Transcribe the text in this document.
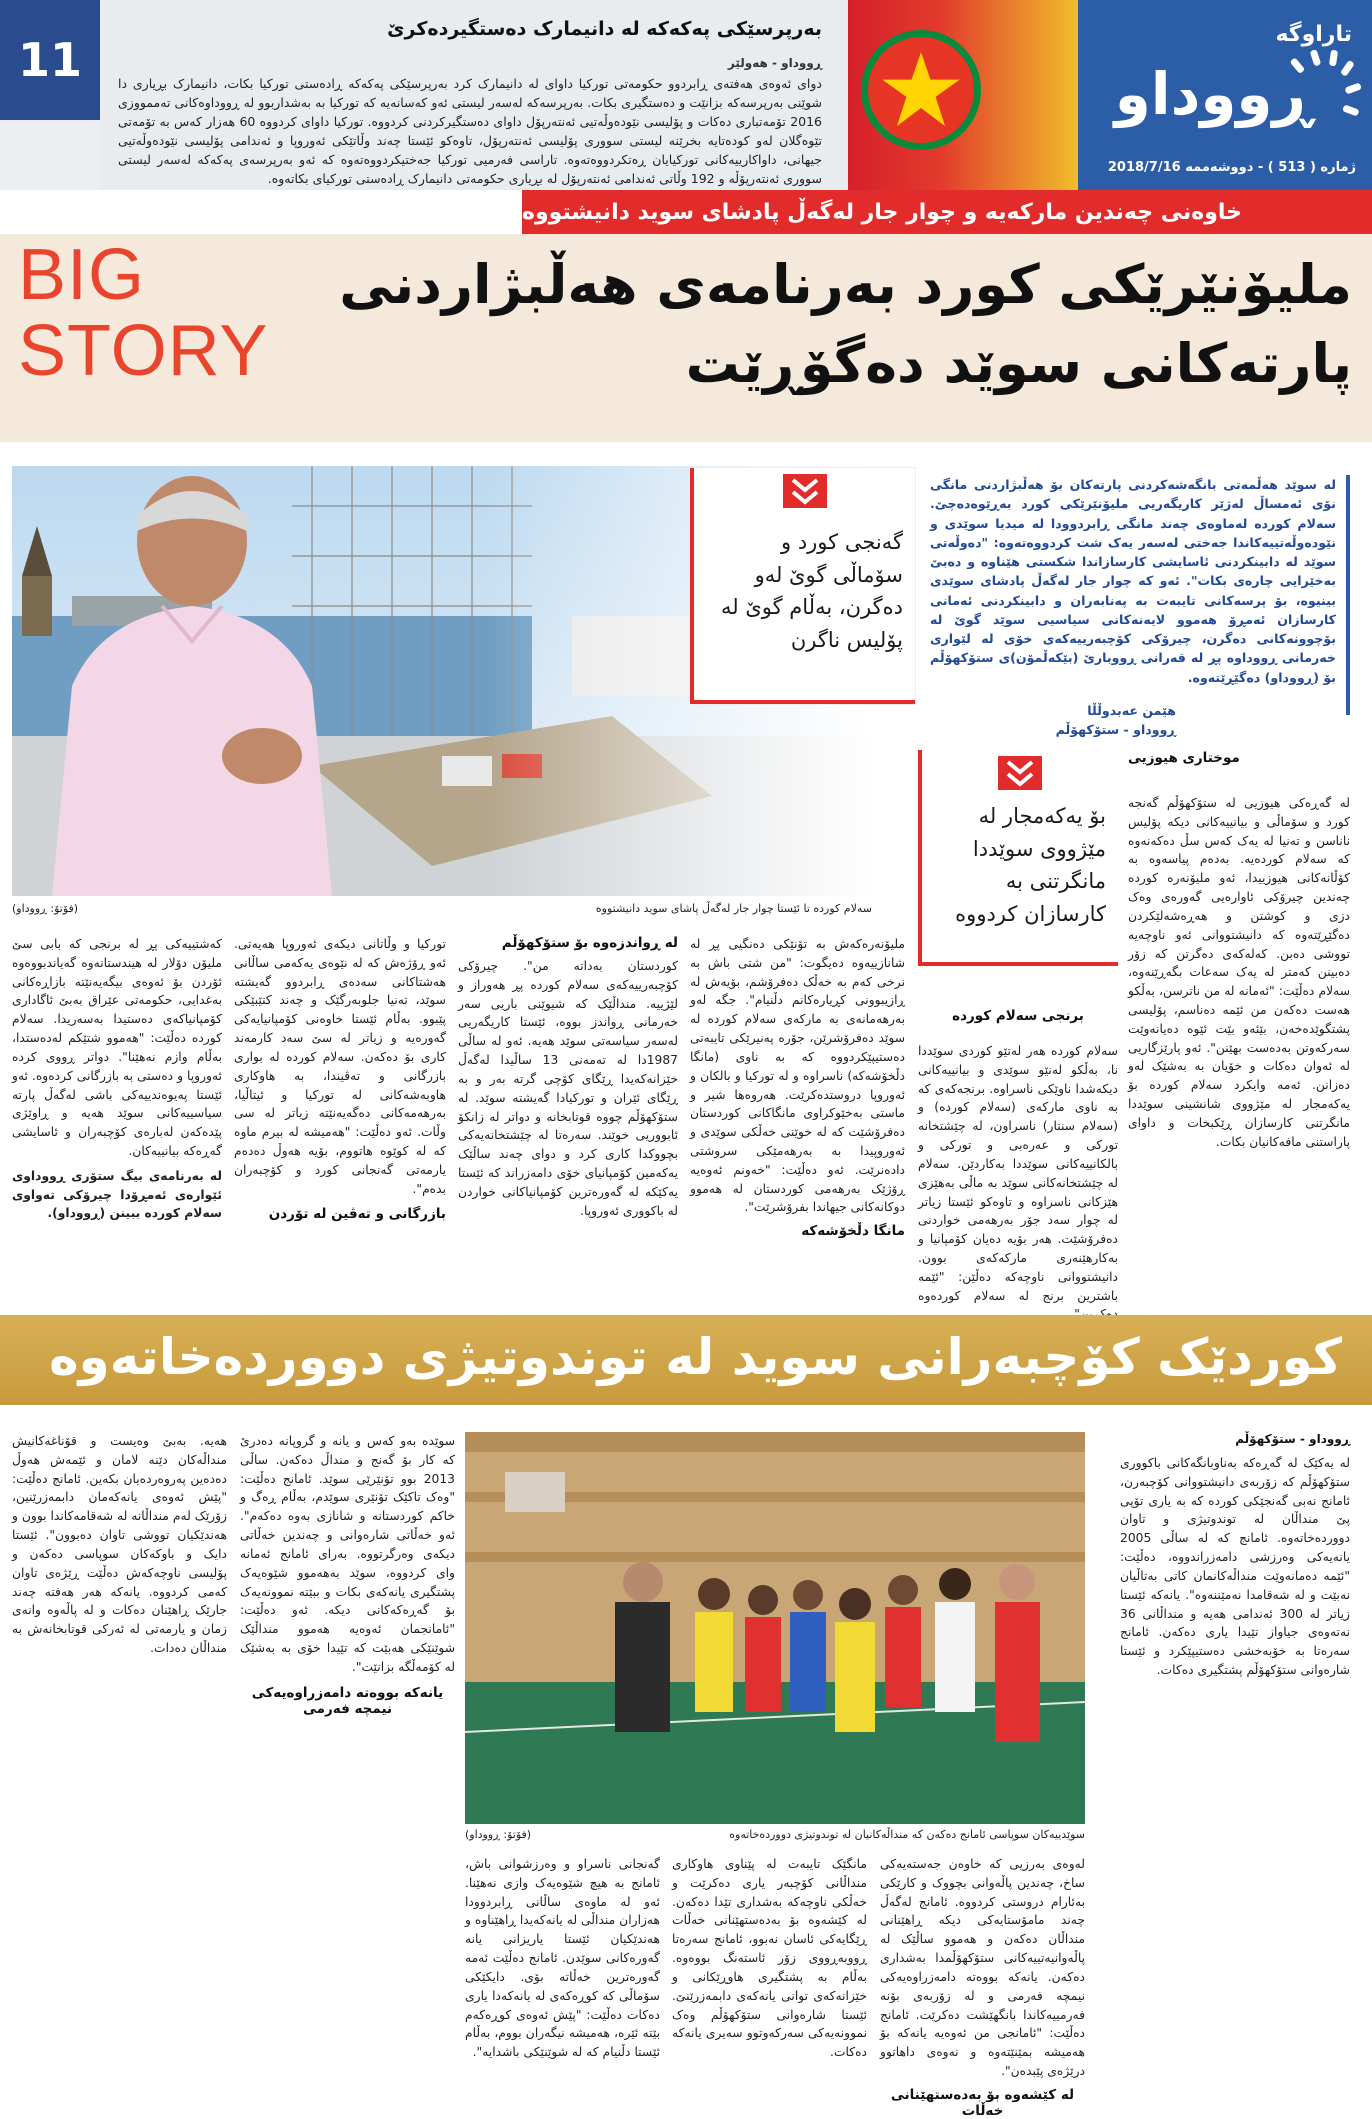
11
بەرپرسێکی پەکەکە لە دانیمارک دەستگیردەکرێ
ڕووداو - هەولێر
دوای ئەوەی هەفتەی ڕابردوو حکومەتی تورکیا داوای لە دانیمارک کرد بەرپرسێکی پەکەکە ڕادەستی تورکیا بکات، دانیمارک بڕیاری دا شوێنی بەرپرسەکە بزانێت و دەستگیری بکات. بەرپرسەکە لەسەر لیستی ئەو کەسانەیە کە تورکیا بە بەشداربوو لە ڕووداوەکانی تەممووزی 2016 تۆمەتباری دەکات و پۆلیسی نێودەوڵەتیی ئەنتەرپۆل داوای دەستگیرکردنی کردووە. تورکیا داوای کردووە 60 هەزار کەس بە تۆمەتی تێوەگلان لەو کودەتایە بخرێنە لیستی سووری پۆلیسی ئەنتەرپۆل، تاوەکو ئێستا چەند وڵاتێکی ئەوروپا و ئەندامی پۆلیسی نێودەوڵەتیی جیهانی، داواکارییەکانی تورکیایان ڕەتکردووەتەوە. تاراسی فەرمیی تورکیا جەختیکردووەتەوە کە ئەو بەرپرسەی پەکەکە لەسەر لیستی سووری ئەنتەرپۆڵە و 192 وڵاتی ئەندامی ئەنتەرپۆل لە بڕیاری حکومەتی دانیمارک ڕادەستی تورکیای بکاتەوە.
تاراوگە
ڕووداو
ژمارە ( 513 ) - دووشەممە 2018/7/16
خاوەنی چەندین مارکەیە و چوار جار لەگەڵ پادشای سوید دانیشتووە
BIG
STORY
ملیۆنێرێکی کورد بەرنامەی هەڵبژاردنی
پارتەکانی سوێد دەگۆڕێت
سەلام کوردە تا ئێستا چوار جار لەگەڵ پاشای سوید دانیشتووە
(فۆتۆ: ڕووداو)
گەنجی کورد و سۆماڵی گوێ لەو دەگرن، بەڵام گوێ لە پۆلیس ناگرن
بۆ یەکەمجار لە مێژووی سوێددا مانگرتنی بە کارسازان کردووە
لە سوێد هەڵمەتی بانگەشەکردنی پارتەکان بۆ هەڵبژاردنی مانگی نۆی ئەمساڵ لەژێر کاریگەریی ملیۆنێرێکی کورد بەڕێوەدەچێ. سەلام کوردە لەماوەی چەند مانگی ڕابردوودا لە میدیا سوێدی و نێودەوڵەتییەکاندا جەختی لەسەر یەک شت کردووەتەوە: "دەوڵەتی سوێد لە دابینکردنی ئاسایشی کارسازاندا شکستی هێناوە و دەبێ بەخێرایی چارەی بکات". ئەو کە چوار جار لەگەڵ پادشای سوێدی بینیوە، بۆ پرسەکانی تایبەت بە پەنابەران و دابینکردنی ئەمانی کارسازان ئەمڕۆ هەموو لایەنەکانی سیاسیی سوێد گوێ لە بۆچوونەکانی دەگرن، چیرۆکی کۆچبەرییەکەی خۆی لە لێواری خەرمانی ڕووداوە پڕ لە قەرانی ڕووبارێ (بێکەڵمۆن)ی ستۆکهۆڵم بۆ (ڕووداو) دەگێڕێتەوە.
هێمن عەبدوڵڵا
ڕووداو - ستۆکهۆڵم
موختاری هیوزیی
لە گەڕەکی هیوزیی لە ستۆکهۆڵم گەنجە کورد و سۆماڵی و بیانییەکانی دیکە پۆلیس ناناسن و تەنیا لە یەک کەس سڵ دەکەنەوە کە سەلام کوردەیە. بەدەم پیاسەوە بە کۆڵانەکانی هیوزییدا، ئەو ملیۆنەرە کوردە چەندین چیرۆکی ئاوارەیی گەورەی وەک دزی و کوشتن و هەڕەشەلێکردن دەگێڕێتەوە کە دانیشتووانی ئەو ناوچەیە تووشی دەبن. کەلەکەی دەگرتن کە زۆر دەبینن کەمتر لە یەک سەعات بگەڕێنەوە، سەلام دەڵێت: "ئەمانە لە من ناترسن، بەڵکو هەست دەکەن من ئێمە دەناسم، پۆلیسی پشتگوێدەخەن، بێئەو بێت ئێوە دەیانەوێت سەرکەوتن بەدەست بهێنن". ئەو پارێزگاریی لە ئەوان دەکات و خۆیان بە بەشێک لەو دەزانن. ئەمە وایکرد سەلام کوردە بۆ یەکەمجار لە مێژووی شانشینی سوێددا مانگرتنی کارسازان ڕێکبخات و داوای پاراستنی مافەکانیان بکات.
برنجی سەلام کوردە
سەلام کوردە هەر لەتێو کوردی سوێددا نا، بەڵکو لەنێو سوێدی و بیانییەکانی دیکەشدا ناوێکی ناسراوە. برنجەکەی کە بە ناوی مارکەی (سەلام کوردە) و (سەلام سنتار) ناسراون، لە چێشتخانە تورکی و عەرەبی و تورکی و بالکانییەکانی سوێددا بەکاردێن. سەلام لە چێشتخانەکانی سوێد بە ماڵی بەهێزی هێزکانی ناسراوە و تاوەکو ئێستا زیاتر لە چوار سەد جۆر بەرهەمی خواردنی دەفرۆشێت. هەر بۆیە دەیان کۆمپانیا و بەکارهێنەری مارکەکەی بوون. دانیشتووانی ناوچەکە دەڵێن: "ئێمە باشترین برنج لە سەلام کوردەوە
ملیۆنەرەکەش بە تۆنێکی دەنگیی پڕ لە شانازییەوە دەیگوت: "من شتی باش بە نرخی کەم بە خەڵک دەفرۆشم، بۆیەش لە ڕازیبوونی کڕیارەکانم دڵنیام". جگە لەو بەرهەمانەی بە مارکەی سەلام کوردە لە سوێد دەفرۆشرێن، جۆرە پەنیرێکی تایبەتی دەستیپێکردووە کە بە ناوی (مانگا دڵخۆشەکە) ناسراوە و لە تورکیا و بالکان و ئەوروپا دروستدەکرێت. هەروەها شیر و ماستی بەخێوکراوی مانگاکانی کوردستان دەفرۆشێت کە لە خوێنی خەڵکی سوێدی و ئەوروپیدا بە بەرهەمێکی سروشتی دادەنرێت. ئەو دەڵێت: "خەونم ئەوەیە ڕۆژێک بەرهەمی کوردستان لە هەموو دوکانەکانی جیهاندا بفرۆشرێت".
مانگا دڵخۆشەکە
لە ڕواندزەوە بۆ ستۆکهۆڵم
کوردستان بەداتە من". چیرۆکی کۆچبەرییەکەی سەلام کوردە پڕ هەوراز و لێژییە. منداڵێک کە شیوێنی باریی سەر خەرمانی ڕواندز بووە، ئێستا کاریگەریی لەسەر سیاسەتی سوێد هەیە. ئەو لە ساڵی 1987دا لە تەمەنی 13 ساڵیدا لەگەڵ خێزانەکەیدا ڕێگای کۆچی گرتە بەر و بە ڕێگای ئێران و تورکیادا گەیشتە سوێد. لە ستۆکهۆڵم چووە قوتابخانە و دواتر لە زانکۆ ئابووریی خوێند. سەرەتا لە چێشتخانەیەکی بچووکدا کاری کرد و دوای چەند ساڵێک یەکەمین کۆمپانیای خۆی دامەزراند کە ئێستا یەکێکە لە گەورەترین کۆمپانیاکانی خواردن لە باکووری ئەوروپا.
تورکیا و وڵاتانی دیکەی ئەوروپا هەیەتی. ئەو ڕۆژەش کە لە نێوەی یەکەمی ساڵانی هەشتاکانی سەدەی ڕابردوو گەیشتە سوێد، تەنیا جلوبەرگێک و چەند کتێبێکی پێبوو. بەڵام ئێستا خاوەنی کۆمپانیایەکی گەورەیە و زیاتر لە سێ سەد کارمەند کاری بۆ دەکەن. سەلام کوردە لە بواری بازرگانی و تەڤیندا، بە هاوکاری هاوبەشەکانی لە تورکیا و ئیتاڵیا، بەرهەمەکانی دەگەیەنێتە زیاتر لە سی وڵات. ئەو دەڵێت: "هەمیشە لە بیرم ماوە کە لە کوێوە هاتووم، بۆیە هەوڵ دەدەم یارمەتی گەنجانی کورد و کۆچبەران بدەم".
بازرگانی و تەڤین لە تۆردن
کەشتییەکی پڕ لە برنجی کە بابی سێ ملیۆن دۆلار لە هیندستانەوە گەیاندبووەوە ئۆردن بۆ ئەوەی بیگەیەنێتە بازاڕەکانی بەغدایی، حکومەتی عێراق بەبێ ئاگاداری کۆمپانیاکەی دەستیدا بەسەریدا. سەلام کوردە دەڵێت: "هەموو شتێکم لەدەستدا، بەڵام وازم نەهێنا". دواتر ڕووی کردە ئەوروپا و دەستی بە بازرگانی کردەوە. ئەو ئێستا پەیوەندییەکی باشی لەگەڵ پارتە سیاسییەکانی سوێد هەیە و ڕاوێژی پێدەکەن لەبارەی کۆچبەران و ئاسایشی گەڕەکە بیانییەکان.
لە بەرنامەی بیگ ستۆری ڕووداوی ئێوارەی ئەمڕۆدا چیرۆکی تەواوی سەلام کوردە ببینن (ڕووداو).
کوردێک کۆچبەرانی سوید لە توندوتیژی دووردەخاتەوە
سوێدییەکان سوپاسی ئامانج دەکەن کە منداڵەکانیان لە توندوتیژی دووردەخاتەوە
(فۆتۆ: ڕووداو)
ڕووداو - ستۆکهۆڵم
لە یەکێک لە گەڕەکە بەناوبانگەکانی باکووری ستۆکهۆڵم کە زۆربەی دانیشتووانی کۆچبەرن، ئامانج نەبی گەنجێکی کوردە کە بە یاری تۆپی پێ منداڵان لە توندوتیژی و تاوان دووردەخاتەوە. ئامانج کە لە ساڵی 2005 یانەیەکی وەرزشی دامەزراندووە، دەڵێت: "ئێمە دەمانەوێت منداڵەکانمان کاتی بەتاڵیان نەبێت و لە شەقامدا نەمێننەوە". یانەکە ئێستا زیاتر لە 300 ئەندامی هەیە و منداڵانی 36 نەتەوەی جیاواز تێیدا یاری دەکەن. ئامانج سەرەتا بە خۆبەخشی دەستیپێکرد و ئێستا شارەوانی ستۆکهۆڵم پشتگیری دەکات.
هەیە. بەبێ وەیست و قۆناغەکانیش منداڵەکان دێنە لامان و ئێمەش هەوڵ دەدەین پەروەردەیان بکەین. ئامانج دەڵێت: "پێش ئەوەی یانەکەمان دابمەزرێنین، زۆرێک لەم منداڵانە لە شەقامەکاندا بوون و هەندێکیان تووشی تاوان دەبوون". ئێستا دایک و باوکەکان سوپاسی دەکەن و پۆلیسی ناوچەکەش دەڵێت ڕێژەی تاوان کەمی کردووە. یانەکە هەر هەفتە چەند جارێک ڕاهێنان دەکات و لە پاڵەوە وانەی زمان و یارمەتی لە ئەرکی قوتابخانەش بە منداڵان دەدات.
سوێدە بەو کەس و یانە و گروپانە دەدرێ کە کار بۆ گەنج و منداڵ دەکەن. ساڵی 2013 بوو تۆنێرێی سوێد. ئامانج دەڵێت: "وەک تاکێک تۆنێری سوێدم، بەڵام ڕەگ و خاکم کوردستانە و شانازی بەوە دەکەم". ئەو خەڵاتی شارەوانی و چەندین خەڵاتی دیکەی وەرگرتووە. بەرای ئامانج ئەمانە وای کردووە، سوێد بەهەموو شێوەیەک پشتگیری یانەکەی بکات و ببێتە نموونەیەک بۆ گەڕەکەکانی دیکە. ئەو دەڵێت: "ئامانجمان ئەوەیە هەموو منداڵێک شوێنێکی هەبێت کە تێیدا خۆی بە بەشێک لە کۆمەڵگە بزانێت".
یانەکە بووەتە دامەزراوەیەکی نیمچە فەرمی
گەنجانی ناسراو و وەرزشوانی باش، ئامانج بە هیچ شێوەیەک وازی نەهێنا. ئەو لە ماوەی ساڵانی ڕابردوودا هەزاران منداڵی لە یانەکەیدا ڕاهێناوە و هەندێکیان ئێستا یاریزانی یانە گەورەکانی سوێدن. ئامانج دەڵێت ئەمە گەورەترین خەڵاتە بۆی. دایکێکی سۆماڵی کە کوڕەکەی لە یانەکەدا یاری دەکات دەڵێت: "پێش ئەوەی کوڕەکەم بێتە ئێرە، هەمیشە نیگەران بووم، بەڵام ئێستا دڵنیام کە لە شوێنێکی باشدایە".
مانگێک تایبەت لە پێناوی هاوکاری منداڵانی کۆچبەر یاری دەکرێت و خەڵکی ناوچەکە بەشداری تێدا دەکەن. لە کێشەوە بۆ بەدەستهێنانی خەڵات ڕێگایەکی ئاسان نەبوو، ئامانج سەرەتا ڕووبەڕووی زۆر ئاستەنگ بووەوە. بەڵام بە پشتگیری هاوڕێکانی و خێزانەکەی توانی یانەکەی دابمەزرێنێ. ئێستا شارەوانی ستۆکهۆڵم وەک نموونەیەکی سەرکەوتوو سەیری یانەکە دەکات.
لەوەی بەرزیی کە خاوەن جەستەیەکی ساخ، چەندین پاڵەوانی بچووک و کارێکی بەئارام دروستی کردووە. ئامانج لەگەڵ چەند مامۆستایەکی دیکە ڕاهێنانی منداڵان دەکەن و هەموو ساڵێک لە پاڵەوانیەتییەکانی ستۆکهۆڵمدا بەشداری دەکەن. یانەکە بووەتە دامەزراوەیەکی نیمچە فەرمی و لە زۆربەی بۆنە فەرمییەکاندا بانگهێشت دەکرێت. ئامانج دەڵێت: "ئامانجی من ئەوەیە یانەکە بۆ هەمیشە بمێنێتەوە و نەوەی داهاتوو درێژەی پێبدەن".
لە کێشەوە بۆ بەدەستهێنانی خەڵات
